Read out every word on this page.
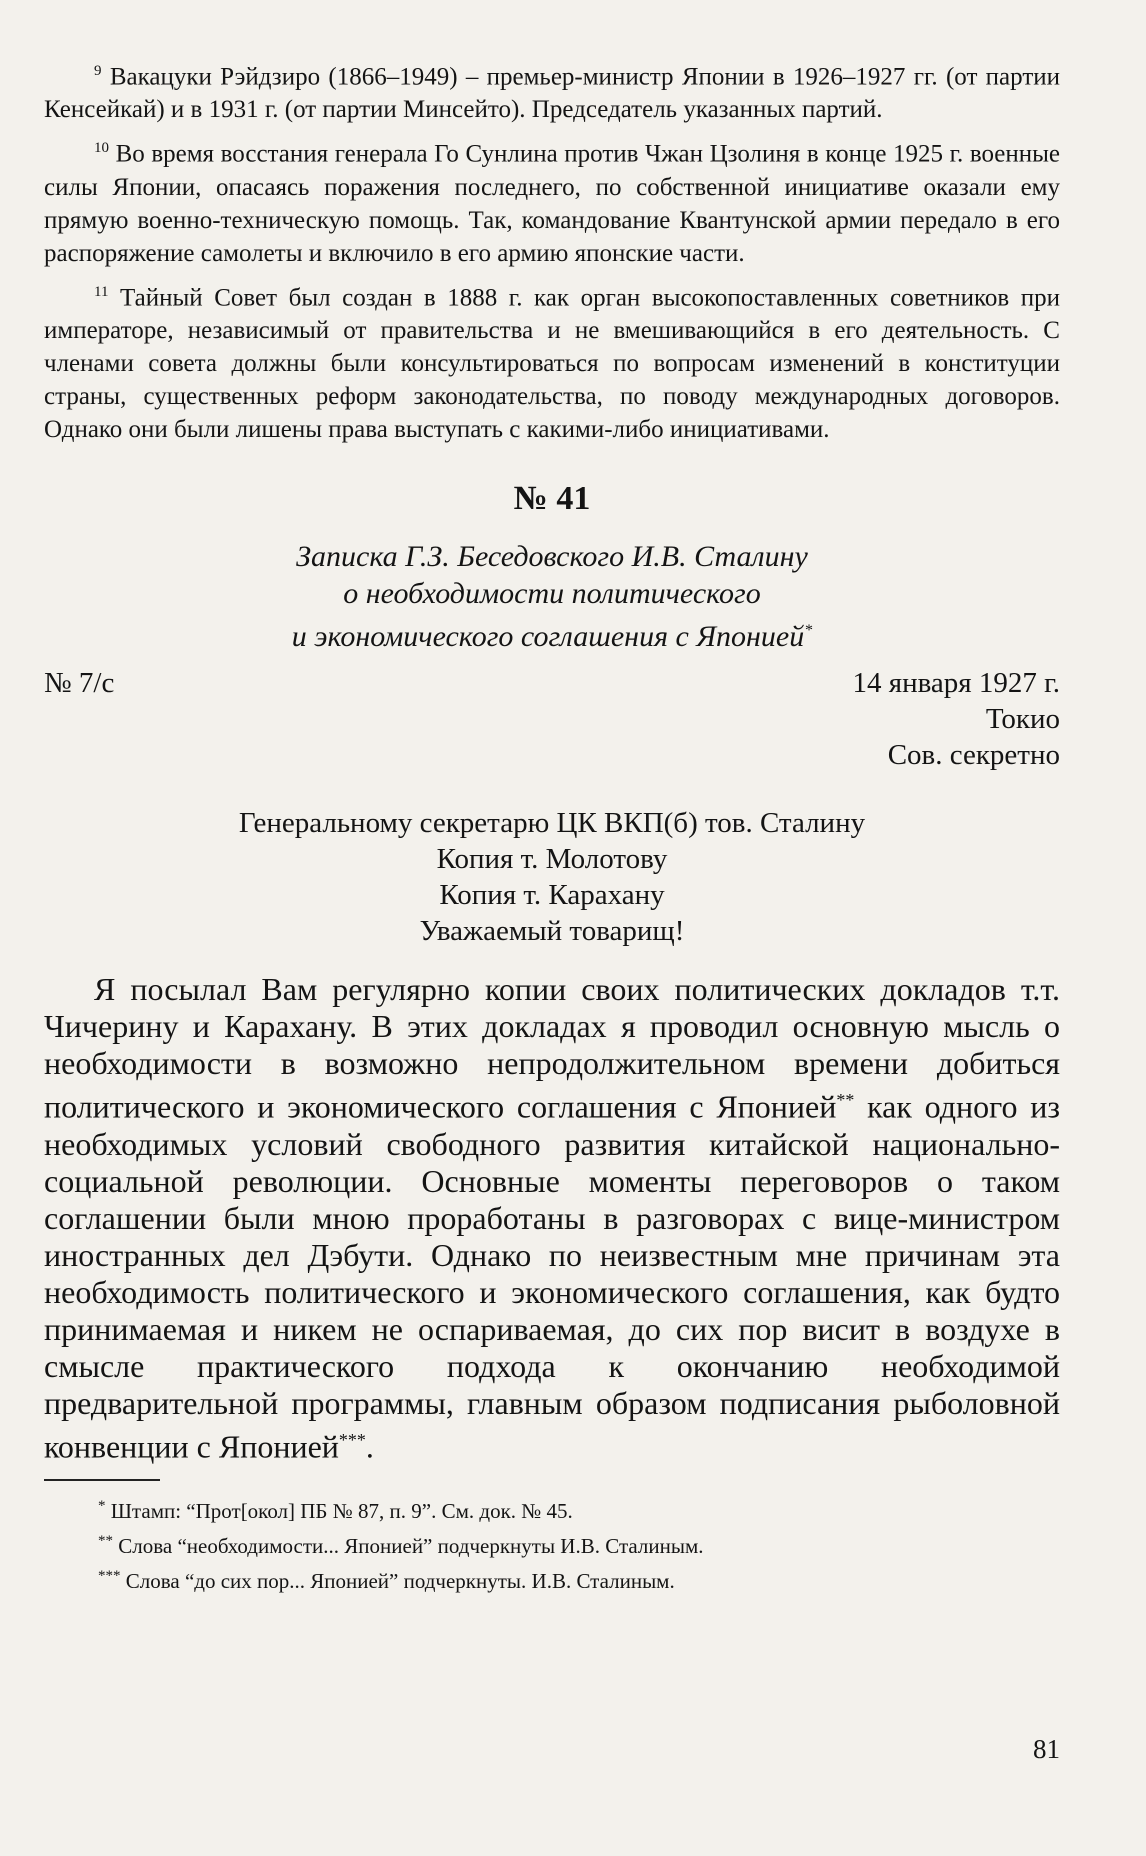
$^9$ Вакацуки Рэйдзиро (1866–1949) – премьер-министр Японии в 1926–1927 гг. (от партии Кенсейкай) и в 1931 г. (от партии Минсейто). Председатель указанных партий.

$^{10}$ Во время восстания генерала Го Сунлина против Чжан Цзолиня в конце 1925 г. военные силы Японии, опасаясь поражения последнего, по собственной инициативе оказали ему прямую военно-техническую помощь. Так, командование Квантунской армии передало в его распоряжение самолеты и включило в его армию японские части.

$^{11}$ Тайный Совет был создан в 1888 г. как орган высокопоставленных советников при императоре, независимый от правительства и не вмешивающийся в его деятельность. С членами совета должны были консультироваться по вопросам изменений в конституции страны, существенных реформ законодательства, по поводу международных договоров. Однако они были лишены права выступать с какими-либо инициативами.

№ 41
Записка Г.З. Беседовского И.В. Сталину
о необходимости политического
и экономического соглашения с Японией*
№ 7/с	14 января 1927 г.
Токио
Сов. секретно
Генеральному секретарю ЦК ВКП(б) тов. Сталину
Копия т. Молотову
Копия т. Карахану
Уважаемый товарищ!

Я посылал Вам регулярно копии своих политических докладов т.т. Чичерину и Карахану. В этих докладах я проводил основную мысль о необходимости в возможно непродолжительном времени добиться политического и экономического соглашения с Японией** как одного из необходимых условий свободного развития китайской национально-социальной революции. Основные моменты переговоров о таком соглашении были мною проработаны в разговорах с вице-министром иностранных дел Дэбути. Однако по неизвестным мне причинам эта необходимость политического и экономического соглашения, как будто принимаемая и никем не оспариваемая, до сих пор висит в воздухе в смысле практического подхода к окончанию необходимой предварительной программы, главным образом подписания рыболовной конвенции с Японией***.

* Штамп: “Прот[окол] ПБ № 87, п. 9”. См. док. № 45.

** Слова “необходимости... Японией” подчеркнуты И.В. Сталиным.

*** Слова “до сих пор... Японией” подчеркнуты. И.В. Сталиным.

81
